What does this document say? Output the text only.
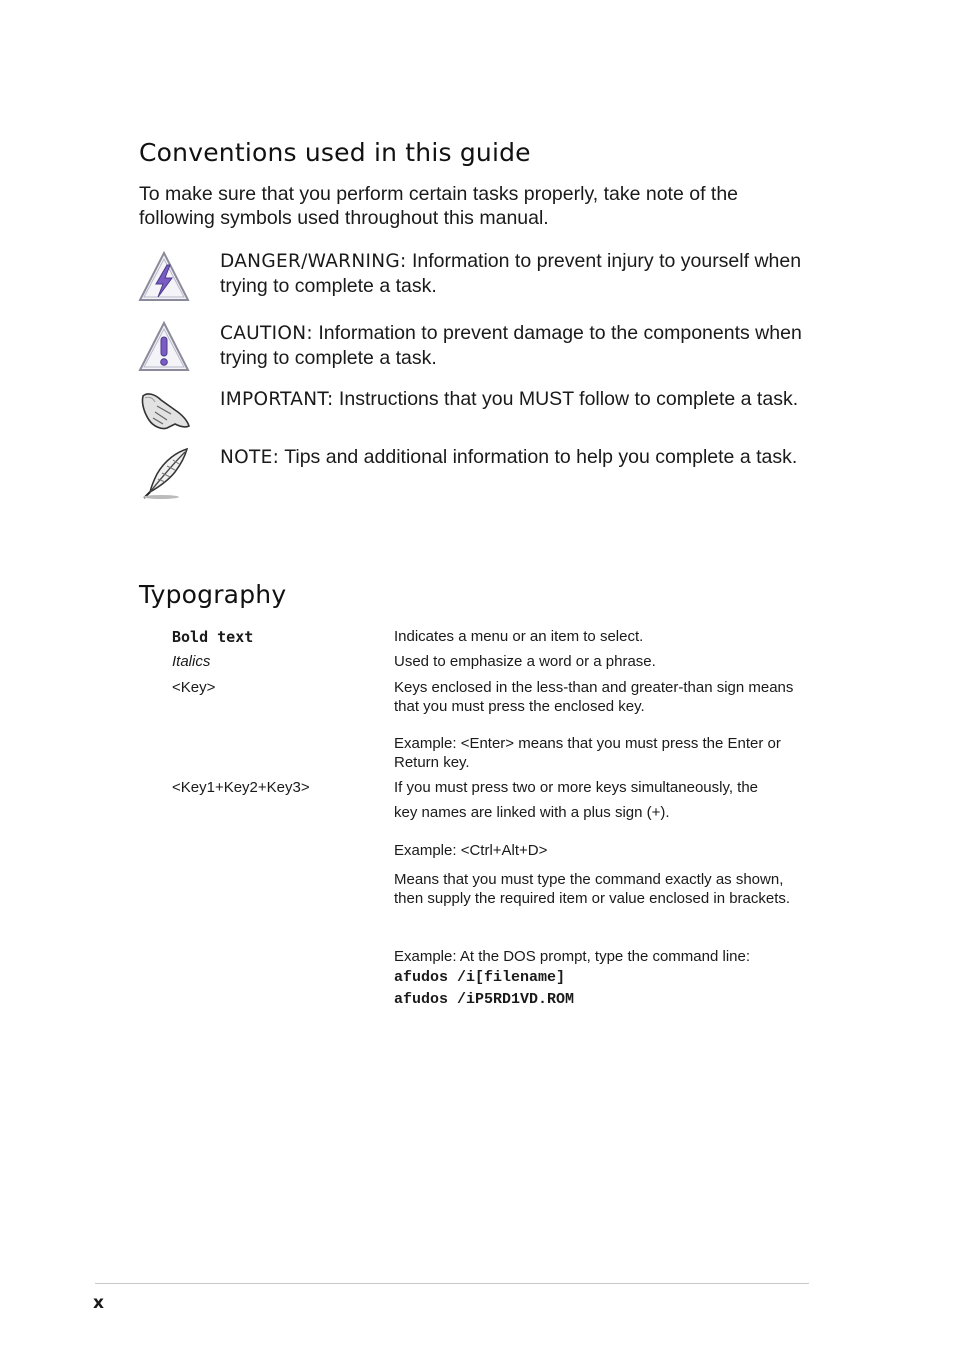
Conventions used in this guide
To make sure that you perform certain tasks properly, take note of the following symbols used throughout this manual.
DANGER/WARNING: Information to prevent injury to yourself when trying to complete a task.
CAUTION: Information to prevent damage to the components when trying to complete a task.
IMPORTANT: Instructions that you MUST follow to complete a task.
NOTE: Tips and additional information to help you complete a task.
Typography
Bold text	Indicates a menu or an item to select.
Italics	Used to emphasize a word or a phrase.
<Key>	Keys enclosed in the less-than and greater-than sign means that you must press the enclosed key.
Example: <Enter> means that you must press the Enter or Return key.
<Key1+Key2+Key3>	If you must press two or more keys simultaneously, the
key names are linked with a plus sign (+).
Example: <Ctrl+Alt+D>
Means that you must type the command exactly as shown, then supply the required item or value enclosed in brackets.
Example: At the DOS prompt, type the command line:
afudos /i[filename]
afudos /iP5RD1VD.ROM
x
